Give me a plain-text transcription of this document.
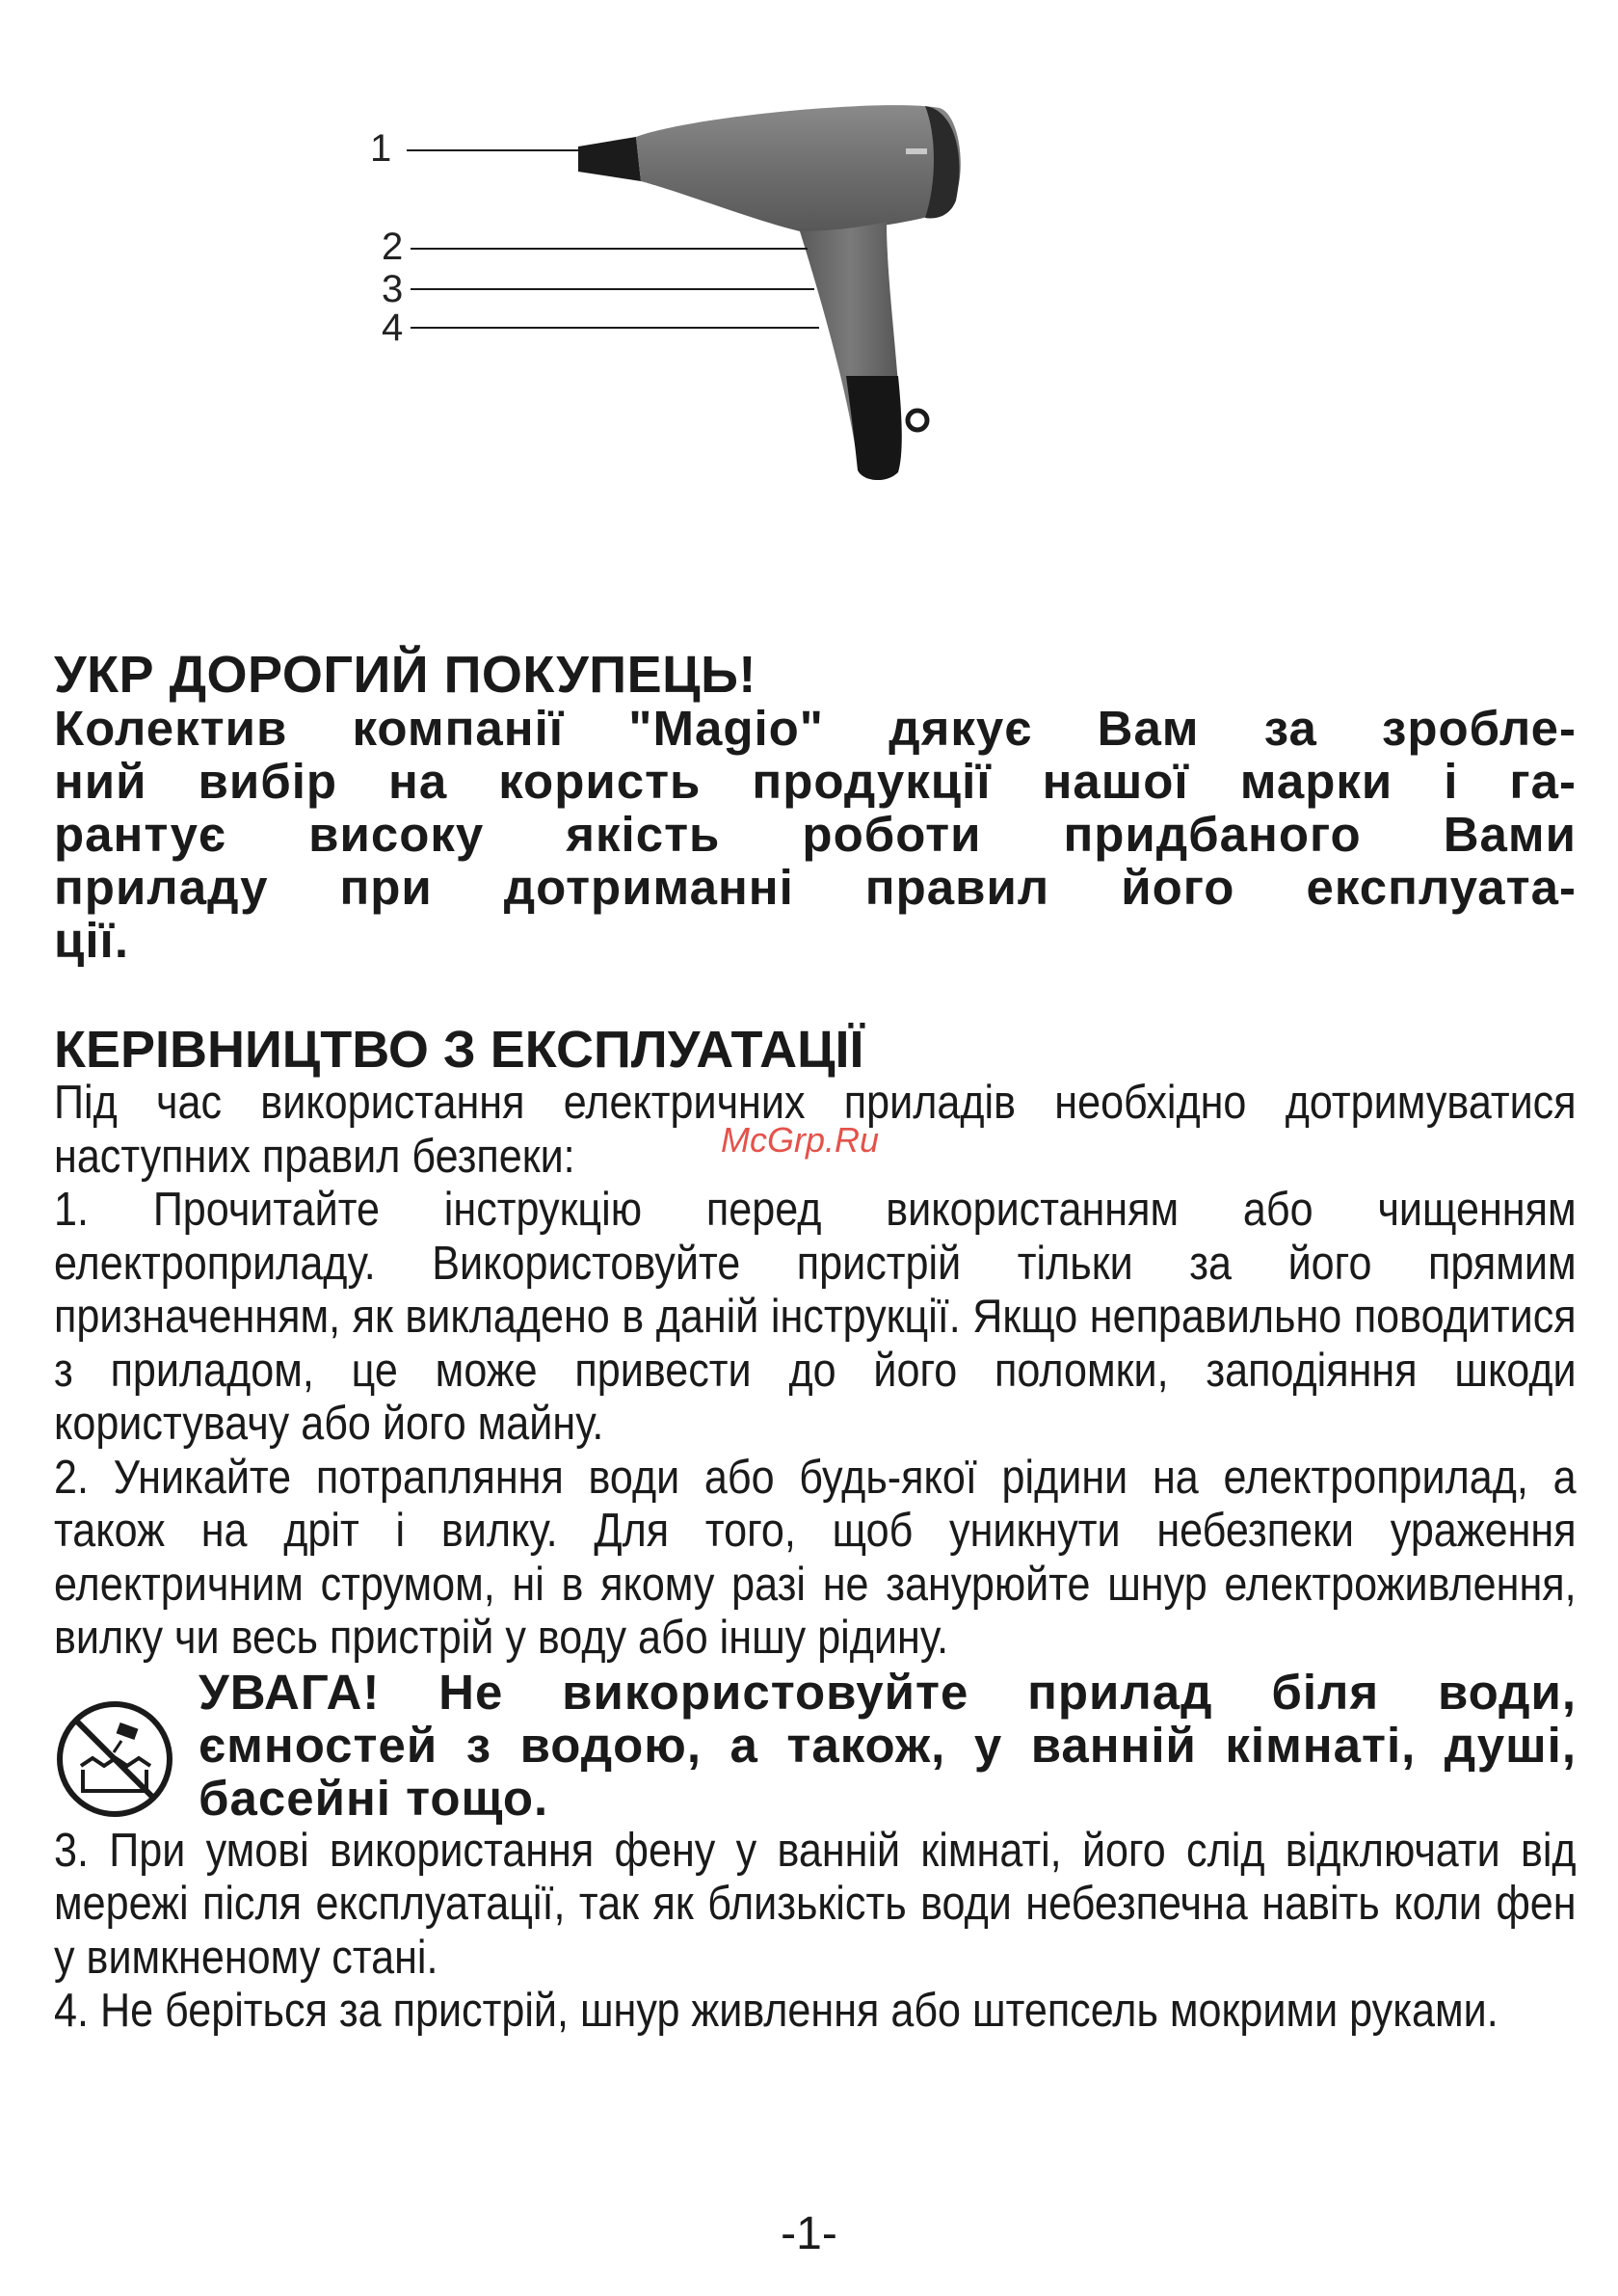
1
2
3
4

УКР ДОРОГИЙ ПОКУПЕЦЬ!

Колектив компанії "Magio" дякує Вам за зробле-

ний вибір на користь продукції нашої марки і га-

рантує високу якість роботи придбаного Вами

приладу при дотриманні правил його експлуата-

ції.

КЕРІВНИЦТВО З ЕКСПЛУАТАЦІЇ

Під час використання електричних приладів необхідно дотримуватися наступних правил безпеки:

1. Прочитайте інструкцію перед використанням або чищенням електроприладу. Використовуйте пристрій тільки за його прямим призначенням, як викладено в даній інструкції. Якщо неправильно поводитися з приладом, це може привести до його поломки, заподіяння шкоди користувачу або його майну.

2. Уникайте потрапляння води або будь-якої рідини на електроприлад, а також на дріт і вилку. Для того, щоб уникнути небезпеки ураження електричним струмом, ні в якому разі не занурюйте шнур електроживлення, вилку чи весь пристрій у воду або іншу рідину.

УВАГА! Не використовуйте прилад біля води, ємностей з водою, а також, у ванній кімнаті, душі, басейні тощо.

3. При умові використання фену у ванній кімнаті, його слід відключати від мережі після експлуатації, так як близькість води небезпечна навіть коли фен у вимкненому стані.

4. Не беріться за пристрій, шнур живлення або штепсель мокрими руками.

McGrp.Ru
-1-
